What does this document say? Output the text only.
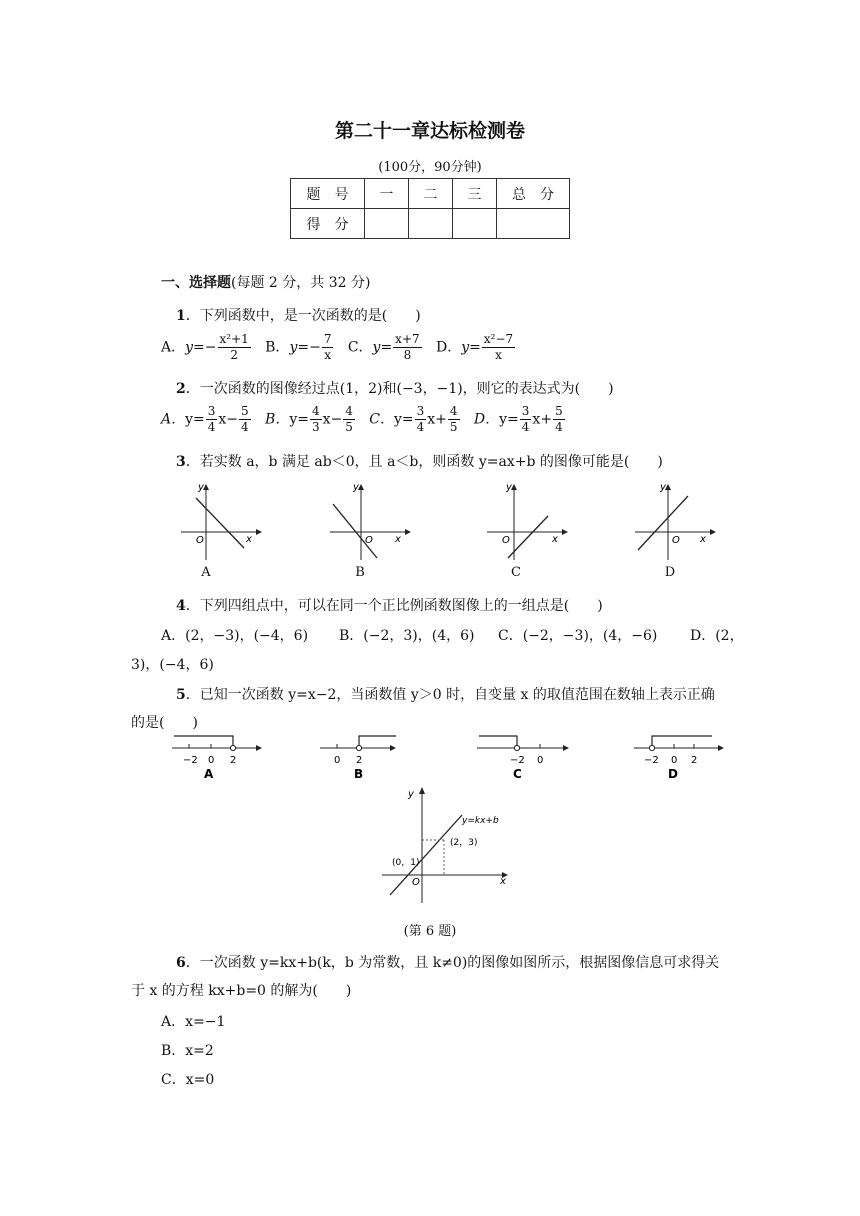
第二十一章达标检测卷
(100分，90分钟)
题　号	一	二	三	总　分
得　分				
一、选择题(每题 2 分，共 32 分)
1．下列函数中，是一次函数的是(　　)
A．$y=- \frac{\text{x²+1}}{2}$ B．$y=- \frac{7}{x}$ C．$y= \frac{x+7}{8}$ D．$y= \frac{\text{x²−7}}{x}$
2．一次函数的图像经过点(1，2)和(−3，−1)，则它的表达式为(　　)
A．$y= \frac{3}{4} x- \frac{5}{4}$ B．$y= \frac{4}{3} x- \frac{4}{5}$ C．$y= \frac{3}{4} x+ \frac{4}{5}$ D．$y= \frac{3}{4} x+ \frac{5}{4}$
3．若实数 a，b 满足 ab＜0，且 a＜b，则函数 y=ax+b 的图像可能是(　　)
y
x
O
A
y
x
O
B
y
x
O
C
y
x
O
D
4．下列四组点中，可以在同一个正比例函数图像上的一组点是(　　)
A．(2，−3)，(−4，6) B．(−2，3)，(4，6) C．(−2，−3)，(4，−6) D．(2，
3)，(−4，6)
5．已知一次函数 y=x−2，当函数值 y＞0 时，自变量 x 的取值范围在数轴上表示正确
的是(　　)
−2 0 2
A
0 2
B
−2 0
C
−2 0 2
D
y
x
O
y=kx+b
(2，3)
(0，1)
(第 6 题)
6．一次函数 y=kx+b(k，b 为常数，且 k≠0)的图像如图所示，根据图像信息可求得关
于 x 的方程 kx+b=0 的解为(　　)
A．x=−1
B．x=2
C．x=0
